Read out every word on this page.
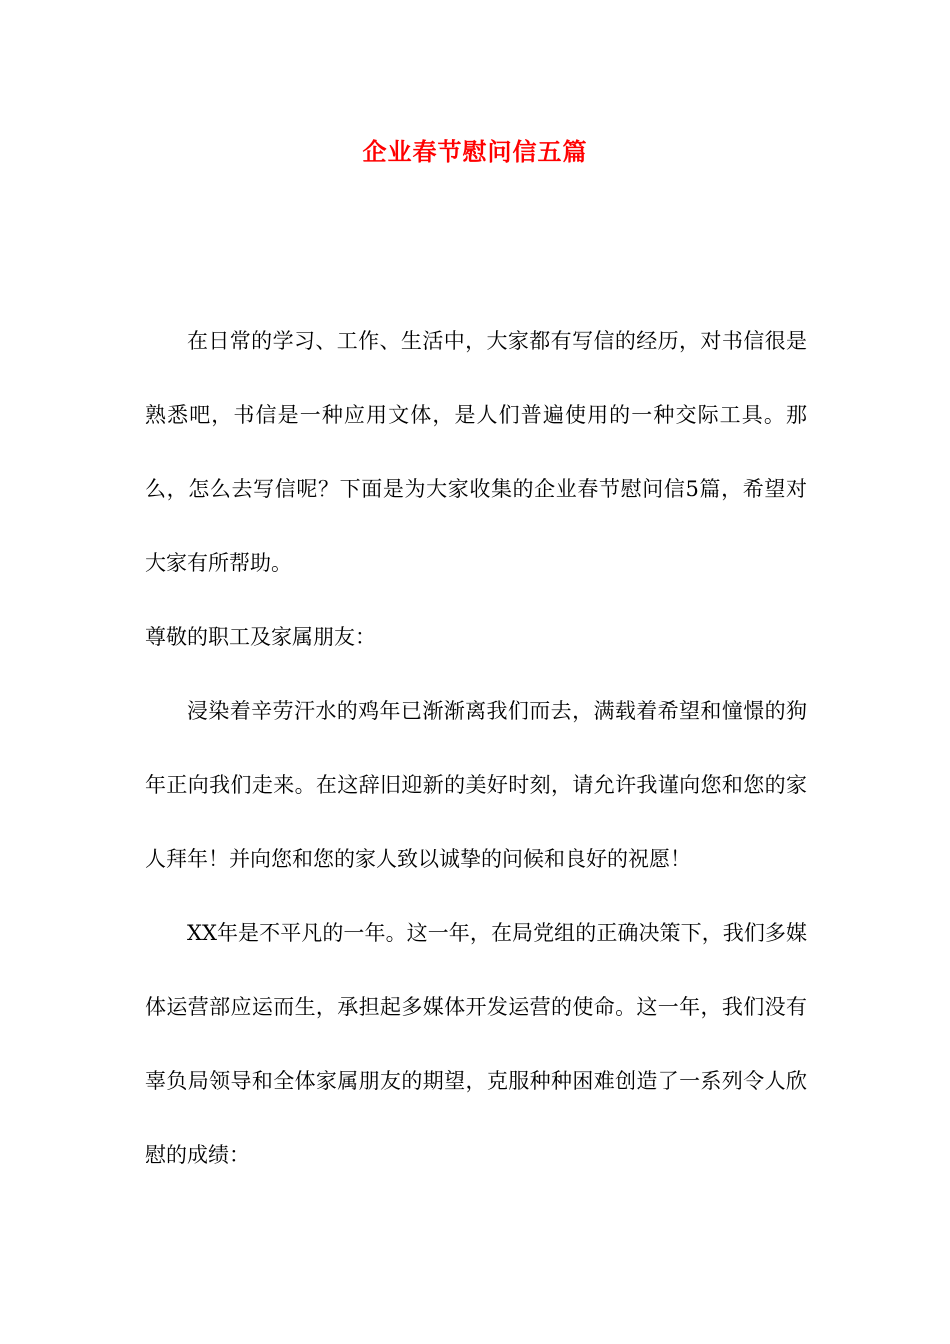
企业春节慰问信五篇
在日常的学习、工作、生活中，大家都有写信的经历，对书信很是熟悉吧，书信是一种应用文体，是人们普遍使用的一种交际工具。那么，怎么去写信呢？下面是为大家收集的企业春节慰问信5篇，希望对大家有所帮助。
尊敬的职工及家属朋友：
浸染着辛劳汗水的鸡年已渐渐离我们而去，满载着希望和憧憬的狗年正向我们走来。在这辞旧迎新的美好时刻，请允许我谨向您和您的家人拜年！并向您和您的家人致以诚挚的问候和良好的祝愿！
XX年是不平凡的一年。这一年，在局党组的正确决策下，我们多媒体运营部应运而生，承担起多媒体开发运营的使命。这一年，我们没有辜负局领导和全体家属朋友的期望，克服种种困难创造了一系列令人欣慰的成绩：
